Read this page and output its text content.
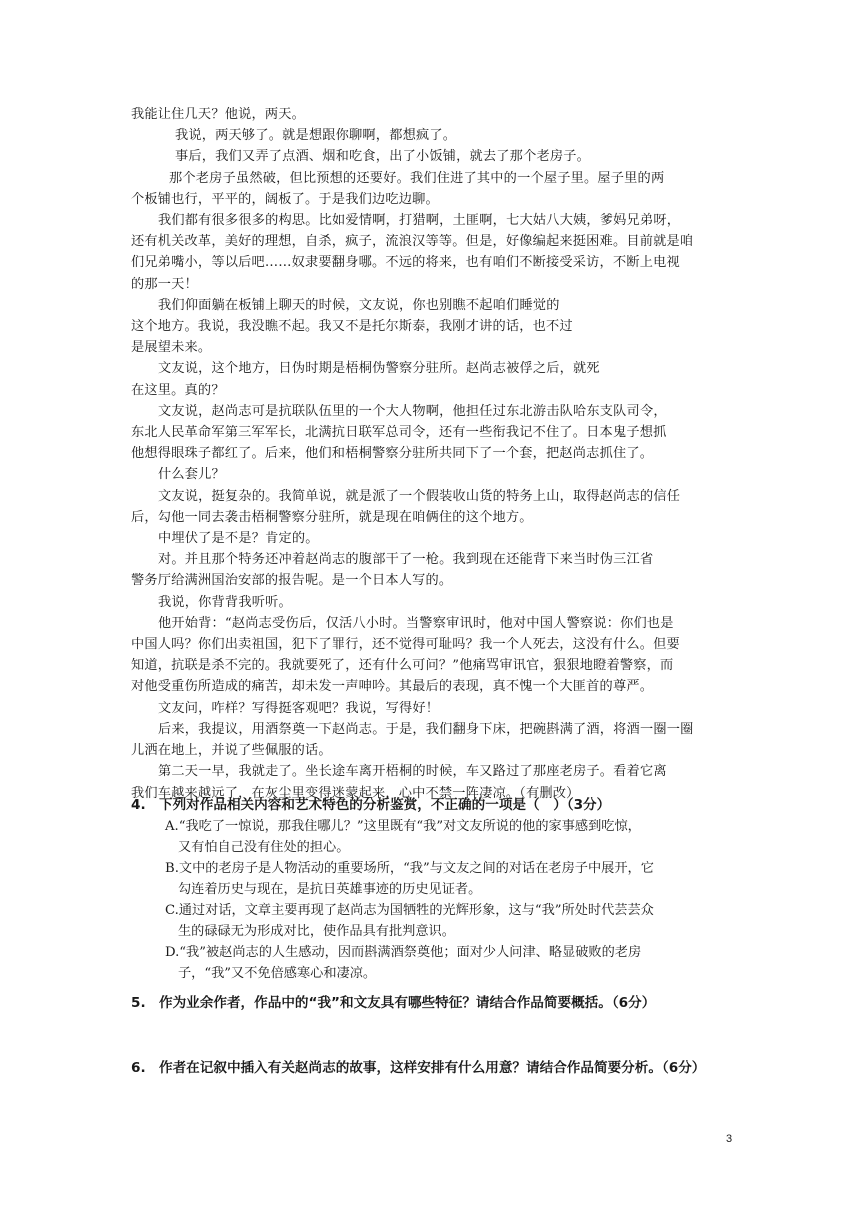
我能让住几天？他说，两天。
我说，两天够了。就是想跟你聊啊，都想疯了。
事后，我们又弄了点酒、烟和吃食，出了小饭铺，就去了那个老房子。
那个老房子虽然破，但比预想的还要好。我们住进了其中的一个屋子里。屋子里的两
个板铺也行，平平的，阔板了。于是我们边吃边聊。
我们都有很多很多的构思。比如爱情啊，打猎啊，土匪啊，七大姑八大姨，爹妈兄弟呀，
还有机关改革，美好的理想，自杀，疯子，流浪汉等等。但是，好像编起来挺困难。目前就是咱
们兄弟嘴小，等以后吧……奴隶要翻身哪。不远的将来，也有咱们不断接受采访，不断上电视
的那一天！
我们仰面躺在板铺上聊天的时候，文友说，你也别瞧不起咱们睡觉的
这个地方。我说，我没瞧不起。我又不是托尔斯泰，我刚才讲的话，也不过
是展望未来。
文友说，这个地方，日伪时期是梧桐伪警察分驻所。赵尚志被俘之后，就死
在这里。真的？
文友说，赵尚志可是抗联队伍里的一个大人物啊，他担任过东北游击队哈东支队司令，
东北人民革命军第三军军长，北满抗日联军总司令，还有一些衔我记不住了。日本鬼子想抓
他想得眼珠子都红了。后来，他们和梧桐警察分驻所共同下了一个套，把赵尚志抓住了。
什么套儿？
文友说，挺复杂的。我简单说，就是派了一个假装收山货的特务上山，取得赵尚志的信任
后，勾他一同去袭击梧桐警察分驻所，就是现在咱俩住的这个地方。
中埋伏了是不是？肯定的。
对。并且那个特务还冲着赵尚志的腹部干了一枪。我到现在还能背下来当时伪三江省
警务厅给满洲国治安部的报告呢。是一个日本人写的。
我说，你背背我听听。
他开始背：“赵尚志受伤后，仅活八小时。当警察审讯时，他对中国人警察说：你们也是
中国人吗？你们出卖祖国，犯下了罪行，还不觉得可耻吗？我一个人死去，这没有什么。但要
知道，抗联是杀不完的。我就要死了，还有什么可问？”他痛骂审讯官，狠狠地瞪着警察，而
对他受重伤所造成的痛苦，却未发一声呻吟。其最后的表现，真不愧一个大匪首的尊严。
文友问，咋样？写得挺客观吧？我说，写得好！
后来，我提议，用酒祭奠一下赵尚志。于是，我们翻身下床，把碗斟满了酒，将酒一圈一圈
儿洒在地上，并说了些佩服的话。
第二天一早，我就走了。坐长途车离开梧桐的时候，车又路过了那座老房子。看着它离
我们车越来越远了，在灰尘里变得迷蒙起来，心中不禁一阵凄凉。（有删改）
4. 下列对作品相关内容和艺术特色的分析鉴赏，不正确的一项是（　）（3分）
A.“我吃了一惊说，那我住哪儿？”这里既有“我”对文友所说的他的家事感到吃惊，
又有怕自己没有住处的担心。
B.文中的老房子是人物活动的重要场所，“我”与文友之间的对话在老房子中展开，它
勾连着历史与现在，是抗日英雄事迹的历史见证者。
C.通过对话，文章主要再现了赵尚志为国牺牲的光辉形象，这与“我”所处时代芸芸众
生的碌碌无为形成对比，使作品具有批判意识。
D.“我”被赵尚志的人生感动，因而斟满酒祭奠他；面对少人问津、略显破败的老房
子，“我”又不免倍感寒心和凄凉。
5. 作为业余作者，作品中的“我”和文友具有哪些特征？请结合作品简要概括。（6分）
6. 作者在记叙中插入有关赵尚志的故事，这样安排有什么用意？请结合作品简要分析。（6分）
3
